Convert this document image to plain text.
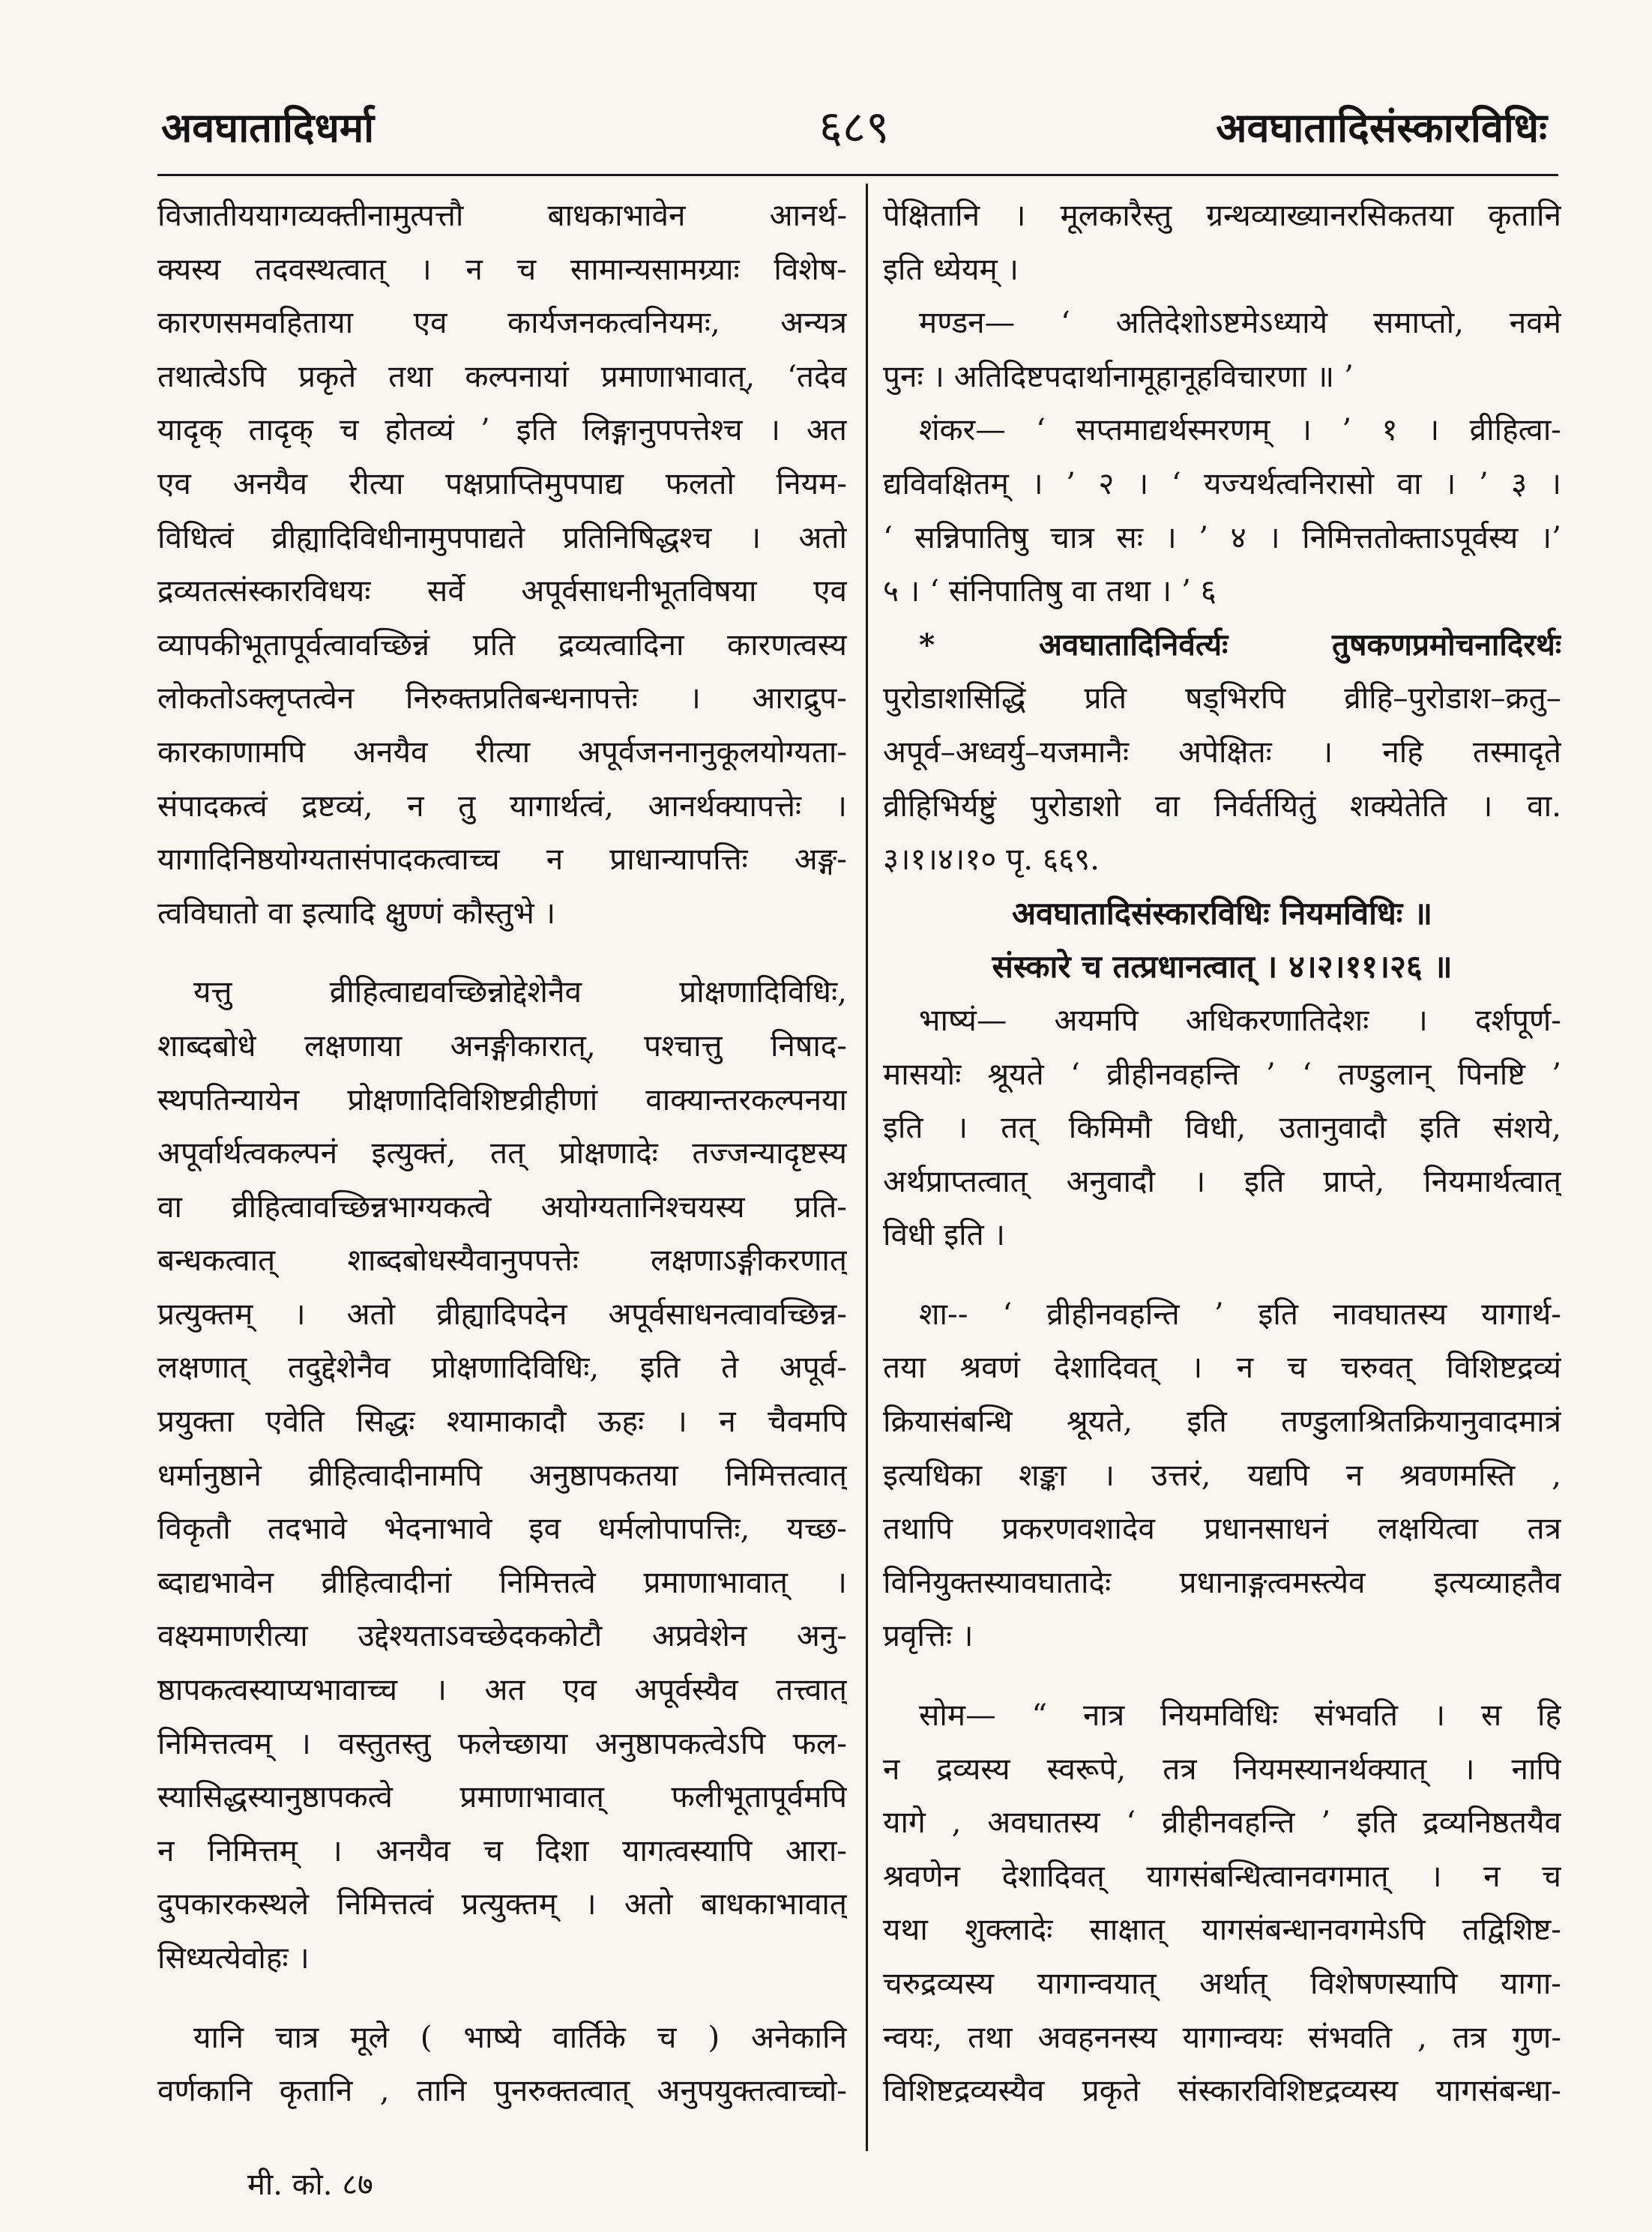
अवघातादिधर्मा	६८९	अवघातादिसंस्कारविधिः
विजातीययागव्यक्तीनामुत्पत्तौ बाधकाभावेन आनर्थ-
क्यस्य तदवस्थत्वात् । न च सामान्यसामग्र्याः विशेष-
कारणसमवहिताया एव कार्यजनकत्वनियमः, अन्यत्र
तथात्वेऽपि प्रकृते तथा कल्पनायां प्रमाणाभावात्, ‘तदेव
यादृक् तादृक् च होतव्यं ’ इति लिङ्गानुपपत्तेश्च । अत
एव अनयैव रीत्या पक्षप्राप्तिमुपपाद्य फलतो नियम-
विधित्वं व्रीह्यादिविधीनामुपपाद्यते प्रतिनिषिद्धश्च । अतो
द्रव्यतत्संस्कारविधयः सर्वे अपूर्वसाधनीभूतविषया एव
व्यापकीभूतापूर्वत्वावच्छिन्नं प्रति द्रव्यत्वादिना कारणत्वस्य
लोकतोऽक्लृप्तत्वेन निरुक्तप्रतिबन्धनापत्तेः । आराद्रुप-
कारकाणामपि अनयैव रीत्या अपूर्वजननानुकूलयोग्यता-
संपादकत्वं द्रष्टव्यं, न तु यागार्थत्वं, आनर्थक्यापत्तेः ।
यागादिनिष्ठयोग्यतासंपादकत्वाच्च न प्राधान्यापत्तिः अङ्ग-
त्वविघातो वा इत्यादि क्षुण्णं कौस्तुभे ।
यत्तु व्रीहित्वाद्यवच्छिन्नोद्देशेनैव प्रोक्षणादिविधिः,
शाब्दबोधे लक्षणाया अनङ्गीकारात्, पश्चात्तु निषाद-
स्थपतिन्यायेन प्रोक्षणादिविशिष्टव्रीहीणां वाक्यान्तरकल्पनया
अपूर्वार्थत्वकल्पनं इत्युक्तं, तत् प्रोक्षणादेः तज्जन्यादृष्टस्य
वा व्रीहित्वावच्छिन्नभाग्यकत्वे अयोग्यतानिश्चयस्य प्रति-
बन्धकत्वात् शाब्दबोधस्यैवानुपपत्तेः लक्षणाऽङ्गीकरणात्
प्रत्युक्तम् । अतो व्रीह्यादिपदेन अपूर्वसाधनत्वावच्छिन्न-
लक्षणात् तदुद्देशेनैव प्रोक्षणादिविधिः, इति ते अपूर्व-
प्रयुक्ता एवेति सिद्धः श्यामाकादौ ऊहः । न चैवमपि
धर्मानुष्ठाने व्रीहित्वादीनामपि अनुष्ठापकतया निमित्तत्वात्
विकृतौ तदभावे भेदनाभावे इव धर्मलोपापत्तिः, यच्छ-
ब्दाद्यभावेन व्रीहित्वादीनां निमित्तत्वे प्रमाणाभावात् ।
वक्ष्यमाणरीत्या उद्देश्यताऽवच्छेदककोटौ अप्रवेशेन अनु-
ष्ठापकत्वस्याप्यभावाच्च । अत एव अपूर्वस्यैव तत्त्वात्
निमित्तत्वम् । वस्तुतस्तु फलेच्छाया अनुष्ठापकत्वेऽपि फल-
स्यासिद्धस्यानुष्ठापकत्वे प्रमाणाभावात् फलीभूतापूर्वमपि
न निमित्तम् । अनयैव च दिशा यागत्वस्यापि आरा-
दुपकारकस्थले निमित्तत्वं प्रत्युक्तम् । अतो बाधकाभावात्
सिध्यत्येवोहः ।
यानि चात्र मूले ( भाष्ये वार्तिके च ) अनेकानि
वर्णकानि कृतानि , तानि पुनरुक्तत्वात् अनुपयुक्तत्वाच्चो-
पेक्षितानि । मूलकारैस्तु ग्रन्थव्याख्यानरसिकतया कृतानि
इति ध्येयम् ।
मण्डन— ‘ अतिदेशोऽष्टमेऽध्याये समाप्तो, नवमे
पुनः । अतिदिष्टपदार्थानामूहानूहविचारणा ॥ ’
शंकर— ‘ सप्तमाद्यर्थस्मरणम् । ’ १ । व्रीहित्वा-
द्यविवक्षितम् । ’ २ । ‘ यज्यर्थत्वनिरासो वा । ’ ३ ।
‘ सन्निपातिषु चात्र सः । ’ ४ । निमित्ततोक्ताऽपूर्वस्य ।’
५ । ‘ संनिपातिषु वा तथा । ’ ६
* अवघातादिनिर्वर्त्यः तुषकणप्रमोचनादिरर्थः
पुरोडाशसिद्धिं प्रति षड्भिरपि व्रीहि–पुरोडाश–क्रतु–
अपूर्व–अध्वर्यु–यजमानैः अपेक्षितः । नहि तस्मादृते
व्रीहिभिर्यष्टुं पुरोडाशो वा निर्वर्तयितुं शक्येतेति । वा.
३।१।४।१० पृ. ६६९.
अवघातादिसंस्कारविधिः नियमविधिः ॥
संस्कारे च तत्प्रधानत्वात् । ४।२।११।२६ ॥
भाष्यं— अयमपि अधिकरणातिदेशः । दर्शपूर्ण-
मासयोः श्रूयते ‘ व्रीहीनवहन्ति ’ ‘ तण्डुलान् पिनष्टि ’
इति । तत् किमिमौ विधी, उतानुवादौ इति संशये,
अर्थप्राप्तत्वात् अनुवादौ । इति प्राप्ते, नियमार्थत्वात्
विधी इति ।
शा-- ‘ व्रीहीनवहन्ति ’ इति नावघातस्य यागार्थ-
तया श्रवणं देशादिवत् । न च चरुवत् विशिष्टद्रव्यं
क्रियासंबन्धि श्रूयते, इति तण्डुलाश्रितक्रियानुवादमात्रं
इत्यधिका शङ्का । उत्तरं, यद्यपि न श्रवणमस्ति ,
तथापि प्रकरणवशादेव प्रधानसाधनं लक्षयित्वा तत्र
विनियुक्तस्यावघातादेः प्रधानाङ्गत्वमस्त्येव इत्यव्याहतैव
प्रवृत्तिः ।
सोम— “ नात्र नियमविधिः संभवति । स हि
न द्रव्यस्य स्वरूपे, तत्र नियमस्यानर्थक्यात् । नापि
यागे , अवघातस्य ‘ व्रीहीनवहन्ति ’ इति द्रव्यनिष्ठतयैव
श्रवणेन देशादिवत् यागसंबन्धित्वानवगमात् । न च
यथा शुक्लादेः साक्षात् यागसंबन्धानवगमेऽपि तद्विशिष्ट-
चरुद्रव्यस्य यागान्वयात् अर्थात् विशेषणस्यापि यागा-
न्वयः, तथा अवहननस्य यागान्वयः संभवति , तत्र गुण-
विशिष्टद्रव्यस्यैव प्रकृते संस्कारविशिष्टद्रव्यस्य यागसंबन्धा-
मी. को. ८७
